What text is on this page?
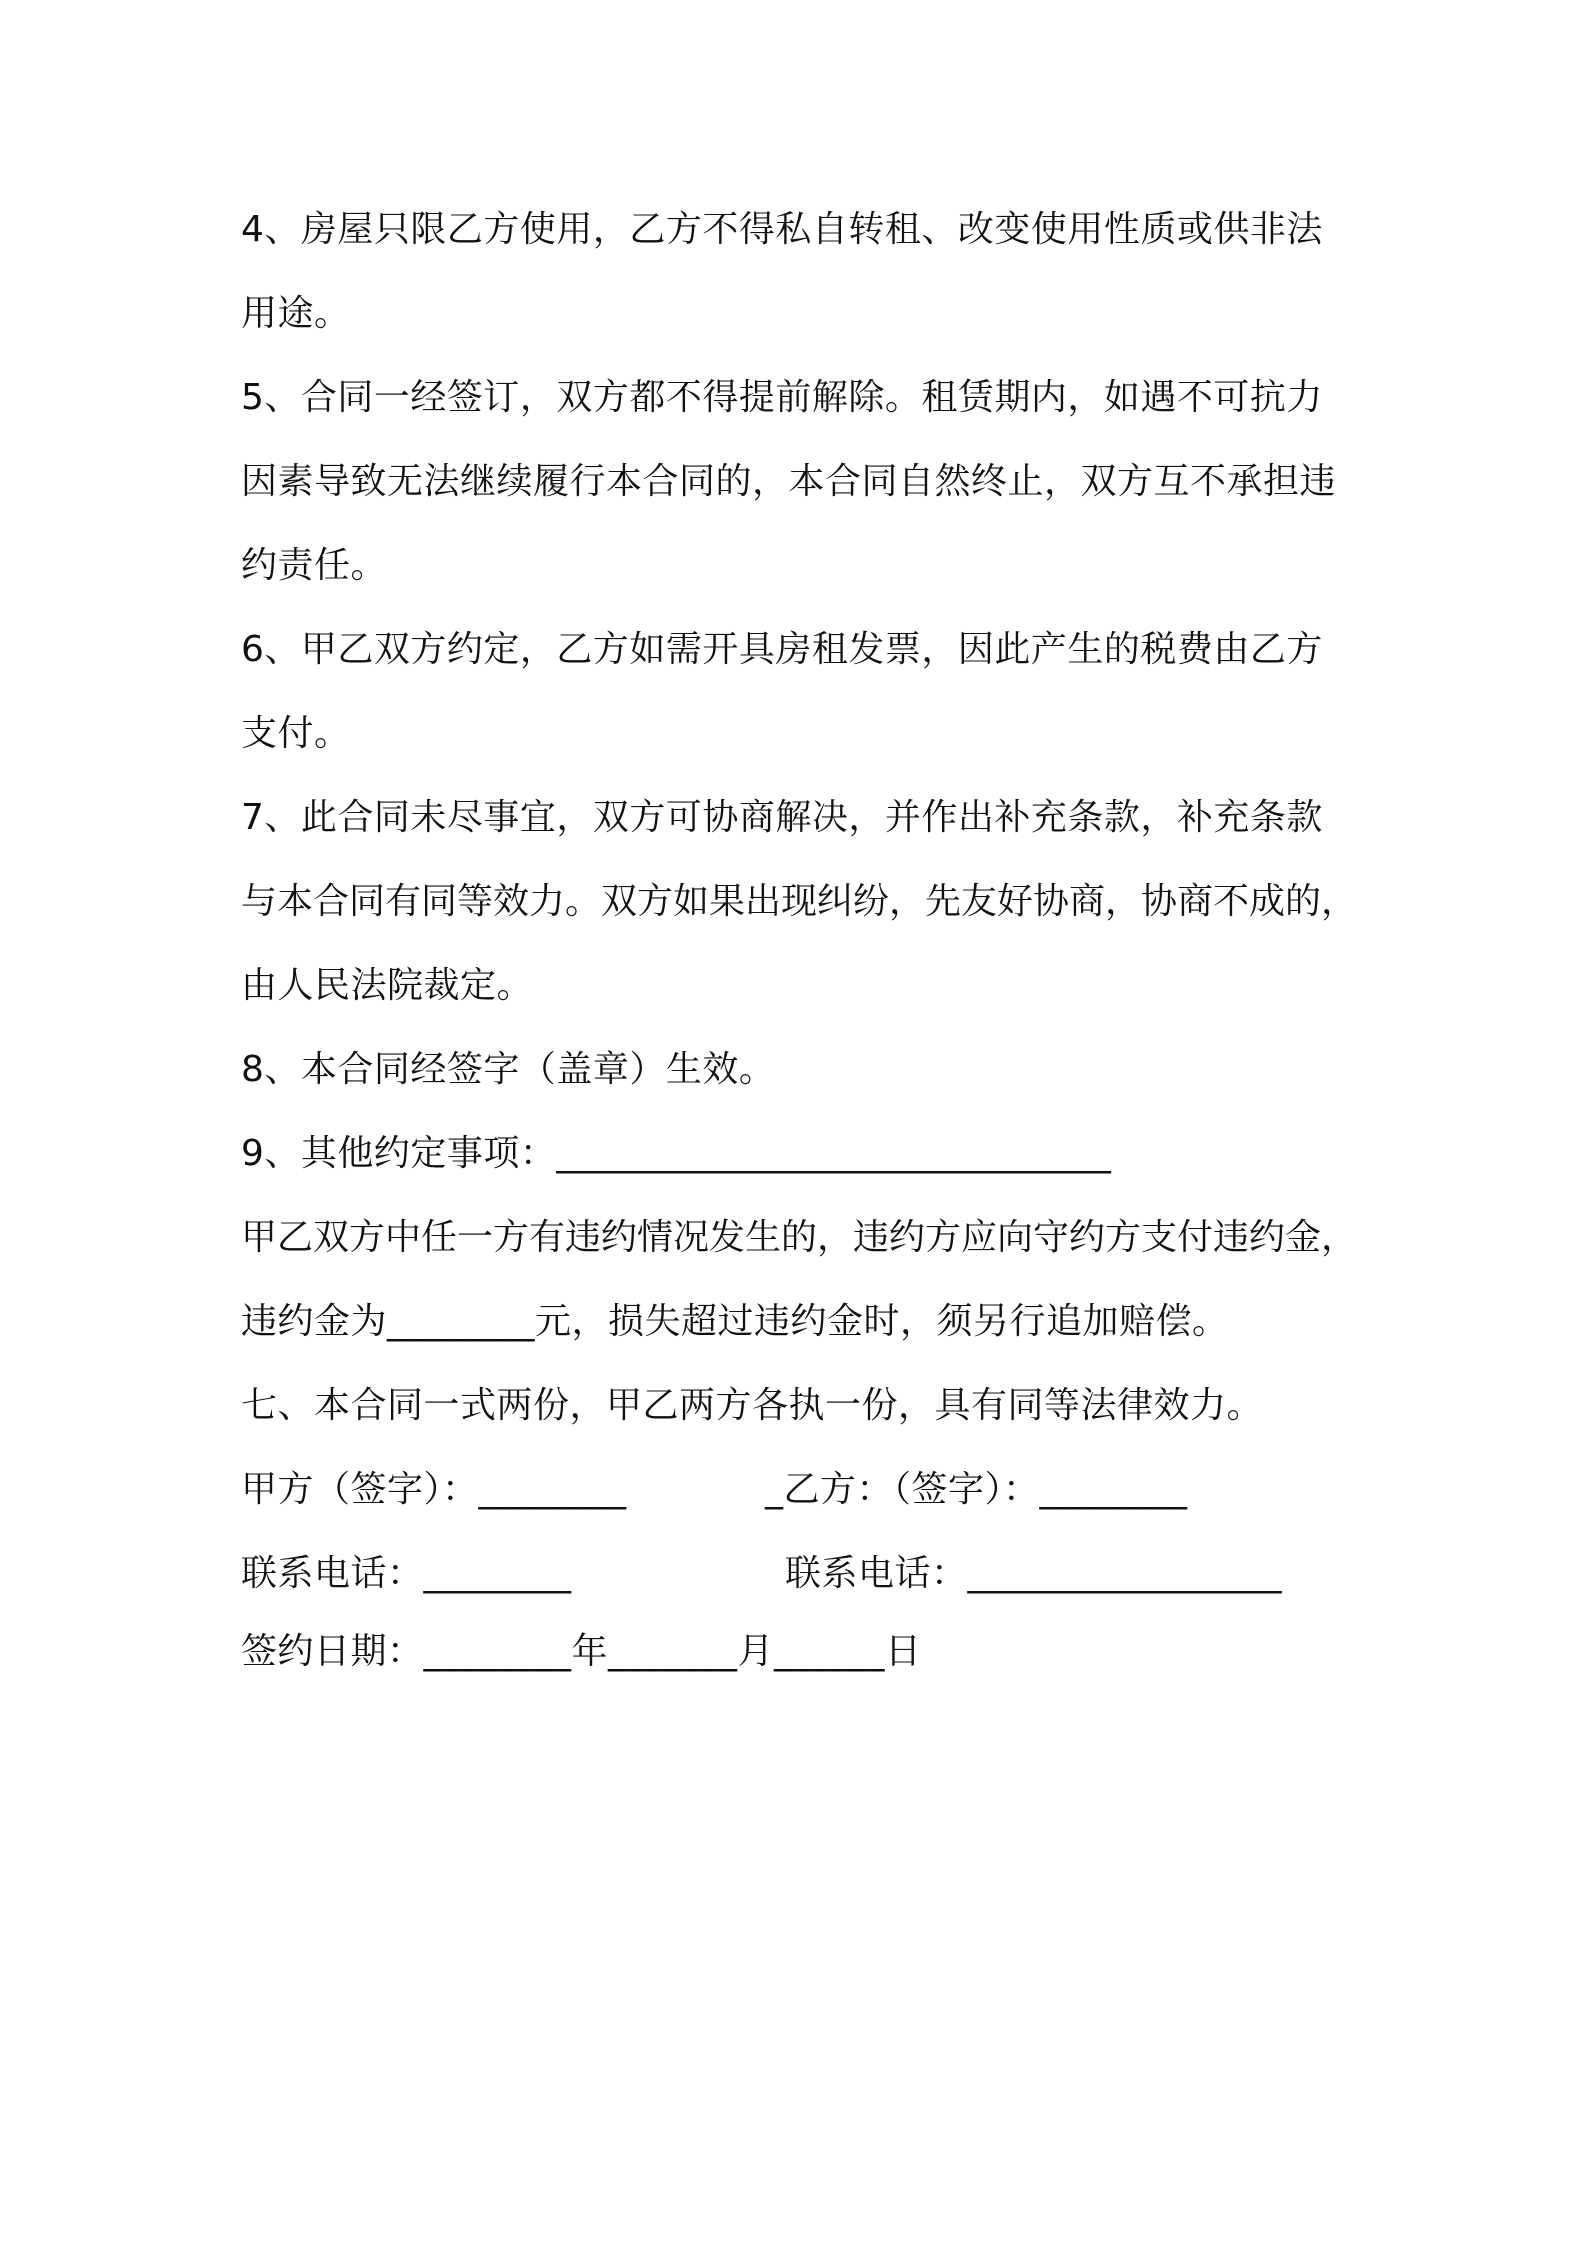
4、房屋只限乙方使用，乙方不得私自转租、改变使用性质或供非法
用途。
5、合同一经签订，双方都不得提前解除。租赁期内，如遇不可抗力
因素导致无法继续履行本合同的，本合同自然终止，双方互不承担违
约责任。
6、甲乙双方约定，乙方如需开具房租发票，因此产生的税费由乙方
支付。
7、此合同未尽事宜，双方可协商解决，并作出补充条款，补充条款
与本合同有同等效力。双方如果出现纠纷，先友好协商，协商不成的，
由人民法院裁定。
8、本合同经签字（盖章）生效。
9、其他约定事项：______________________________
甲乙双方中任一方有违约情况发生的，违约方应向守约方支付违约金，
违约金为________元，损失超过违约金时，须另行追加赔偿。
七、本合同一式两份，甲乙两方各执一份，具有同等法律效力。
甲方（签字）：________	_乙方：（签字）：________
联系电话：________	联系电话：_________________
签约日期：________年_______月______日
